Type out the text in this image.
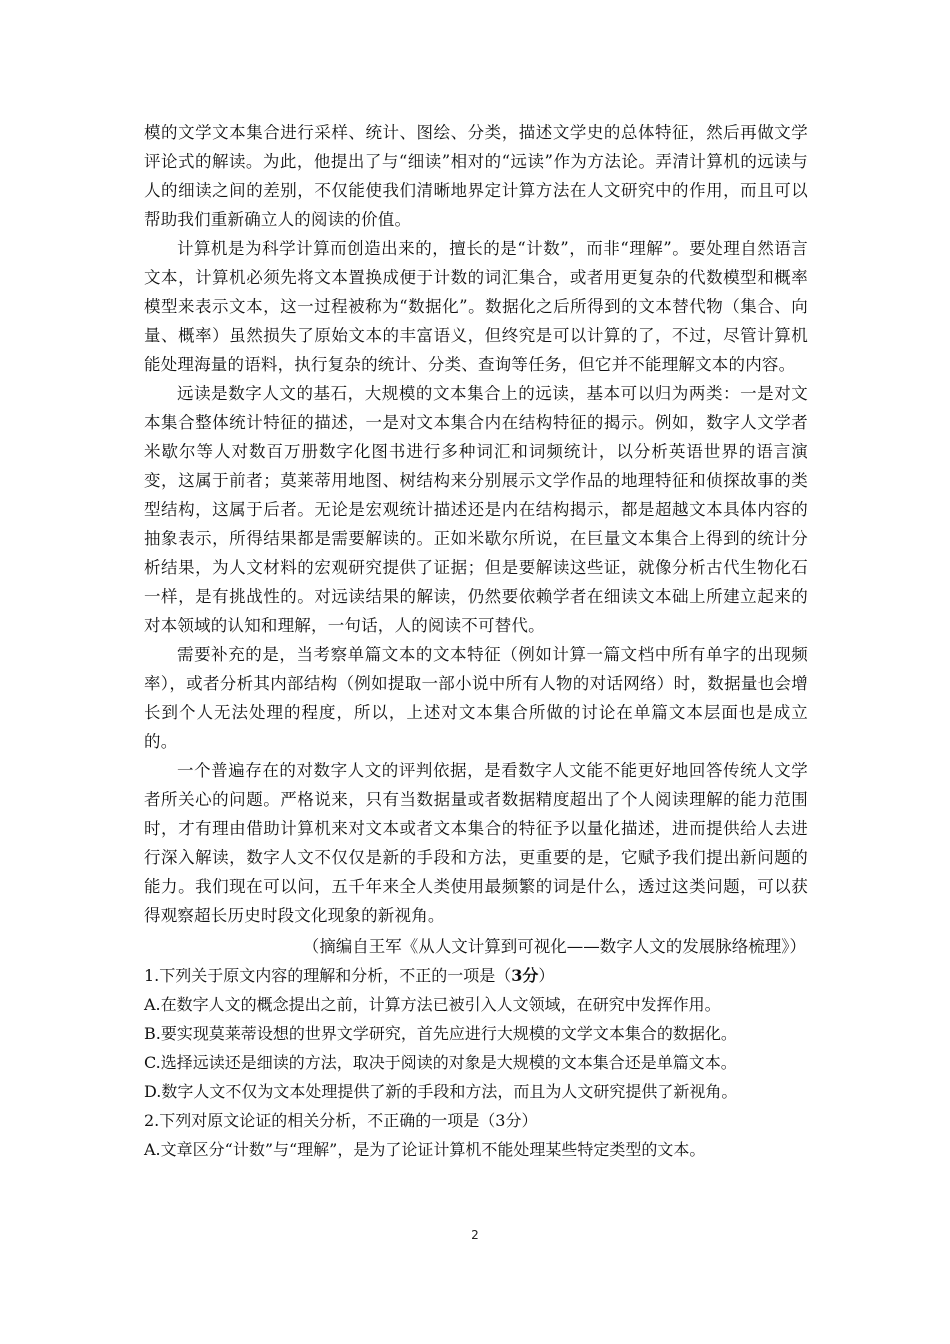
模的文学文本集合进行采样、统计、图绘、分类，描述文学史的总体特征，然后再做文学评论式的解读。为此，他提出了与“细读”相对的“远读”作为方法论。弄清计算机的远读与人的细读之间的差别，不仅能使我们清晰地界定计算方法在人文研究中的作用，而且可以帮助我们重新确立人的阅读的价值。

计算机是为科学计算而创造出来的，擅长的是“计数”，而非“理解”。要处理自然语言文本，计算机必须先将文本置换成便于计数的词汇集合，或者用更复杂的代数模型和概率模型来表示文本，这一过程被称为“数据化”。数据化之后所得到的文本替代物（集合、向量、概率）虽然损失了原始文本的丰富语义，但终究是可以计算的了，不过，尽管计算机能处理海量的语料，执行复杂的统计、分类、查询等任务，但它并不能理解文本的内容。

远读是数字人文的基石，大规模的文本集合上的远读，基本可以归为两类：一是对文本集合整体统计特征的描述，一是对文本集合内在结构特征的揭示。例如，数字人文学者米歇尔等人对数百万册数字化图书进行多种词汇和词频统计，以分析英语世界的语言演变，这属于前者；莫莱蒂用地图、树结构来分别展示文学作品的地理特征和侦探故事的类型结构，这属于后者。无论是宏观统计描述还是内在结构揭示，都是超越文本具体内容的抽象表示，所得结果都是需要解读的。正如米歇尔所说，在巨量文本集合上得到的统计分析结果，为人文材料的宏观研究提供了证据；但是要解读这些证，就像分析古代生物化石一样，是有挑战性的。对远读结果的解读，仍然要依赖学者在细读文本础上所建立起来的对本领域的认知和理解，一句话，人的阅读不可替代。

需要补充的是，当考察单篇文本的文本特征（例如计算一篇文档中所有单字的出现频率），或者分析其内部结构（例如提取一部小说中所有人物的对话网络）时，数据量也会增长到个人无法处理的程度，所以，上述对文本集合所做的讨论在单篇文本层面也是成立的。

一个普遍存在的对数字人文的评判依据，是看数字人文能不能更好地回答传统人文学者所关心的问题。严格说来，只有当数据量或者数据精度超出了个人阅读理解的能力范围时，才有理由借助计算机来对文本或者文本集合的特征予以量化描述，进而提供给人去进行深入解读，数字人文不仅仅是新的手段和方法，更重要的是，它赋予我们提出新问题的能力。我们现在可以问，五千年来全人类使用最频繁的词是什么，透过这类问题，可以获得观察超长历史时段文化现象的新视角。

（摘编自王军《从人文计算到可视化——数字人文的发展脉络梳理》）

1.下列关于原文内容的理解和分析，不正的一项是（3分）

A.在数字人文的概念提出之前，计算方法已被引入人文领域，在研究中发挥作用。

B.要实现莫莱蒂设想的世界文学研究，首先应进行大规模的文学文本集合的数据化。

C.选择远读还是细读的方法，取决于阅读的对象是大规模的文本集合还是单篇文本。

D.数字人文不仅为文本处理提供了新的手段和方法，而且为人文研究提供了新视角。

2.下列对原文论证的相关分析，不正确的一项是（3分）

A.文章区分“计数”与“理解”，是为了论证计算机不能处理某些特定类型的文本。

2
